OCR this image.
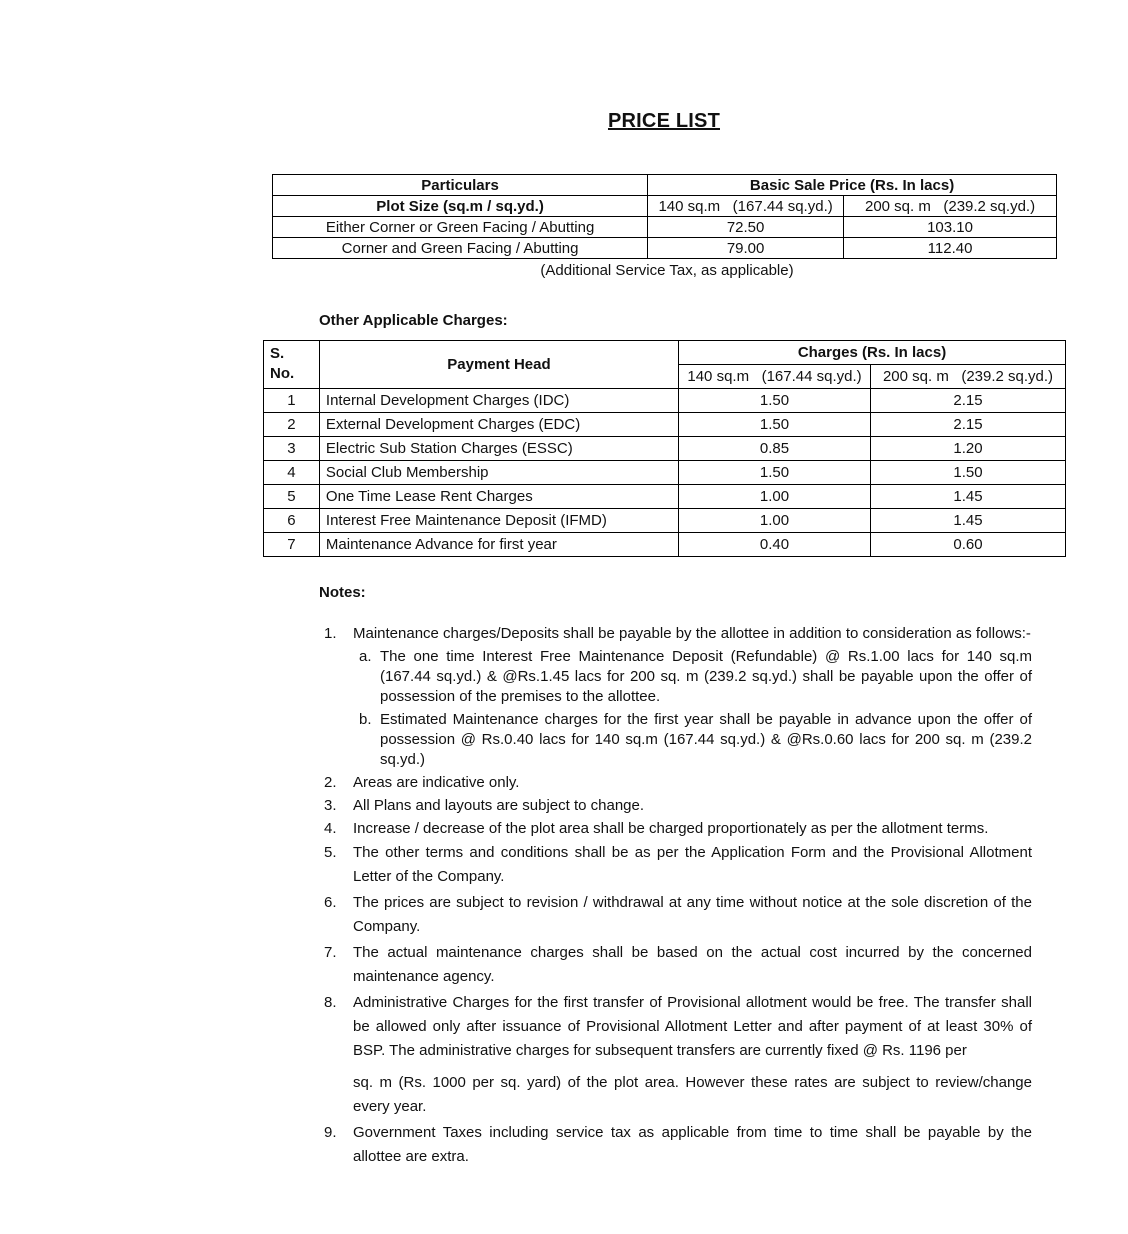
PRICE LIST
Particulars	Basic Sale Price (Rs. In lacs)	
Plot Size (sq.m / sq.yd.)	140 sq.m   (167.44 sq.yd.)	200 sq. m   (239.2 sq.yd.)
Either Corner or Green Facing / Abutting	72.50	103.10
Corner and Green Facing / Abutting	79.00	112.40
(Additional Service Tax, as applicable)
Other Applicable Charges:
S.
No.	Payment Head	Charges (Rs. In lacs)	
		140 sq.m   (167.44 sq.yd.)	200 sq. m   (239.2 sq.yd.)
1	Internal Development Charges (IDC)	1.50	2.15
2	External Development Charges (EDC)	1.50	2.15
3	Electric Sub Station Charges (ESSC)	0.85	1.20
4	Social Club Membership	1.50	1.50
5	One Time Lease Rent Charges	1.00	1.45
6	Interest Free Maintenance Deposit (IFMD)	1.00	1.45
7	Maintenance Advance for first year	0.40	0.60
Notes:
1. Maintenance charges/Deposits shall be payable by the allottee in addition to consideration as follows:-
a. The one time Interest Free Maintenance Deposit (Refundable) @ Rs.1.00 lacs for 140 sq.m (167.44 sq.yd.) & @Rs.1.45 lacs for 200 sq. m (239.2 sq.yd.) shall be payable upon the offer of possession of the premises to the allottee.
b. Estimated Maintenance charges for the first year shall be payable in advance upon the offer of possession @ Rs.0.40 lacs for 140 sq.m (167.44 sq.yd.) & @Rs.0.60 lacs for 200 sq. m (239.2 sq.yd.)
2. Areas are indicative only.
3. All Plans and layouts are subject to change.
4. Increase / decrease of the plot area shall be charged proportionately as per the allotment terms.
5. The other terms and conditions shall be as per the Application Form and the Provisional Allotment Letter of the Company.
6. The prices are subject to revision / withdrawal at any time without notice at the sole discretion of the Company.
7. The actual maintenance charges shall be based on the actual cost incurred by the concerned maintenance agency.
8. Administrative Charges for the first transfer of Provisional allotment would be free. The transfer shall be allowed only after issuance of Provisional Allotment Letter and after payment of at least 30% of BSP. The administrative charges for subsequent transfers are currently fixed @ Rs. 1196 per
sq. m (Rs. 1000 per sq. yard) of the plot area. However these rates are subject to review/change every year.
9. Government Taxes including service tax as applicable from time to time shall be payable by the allottee are extra.
